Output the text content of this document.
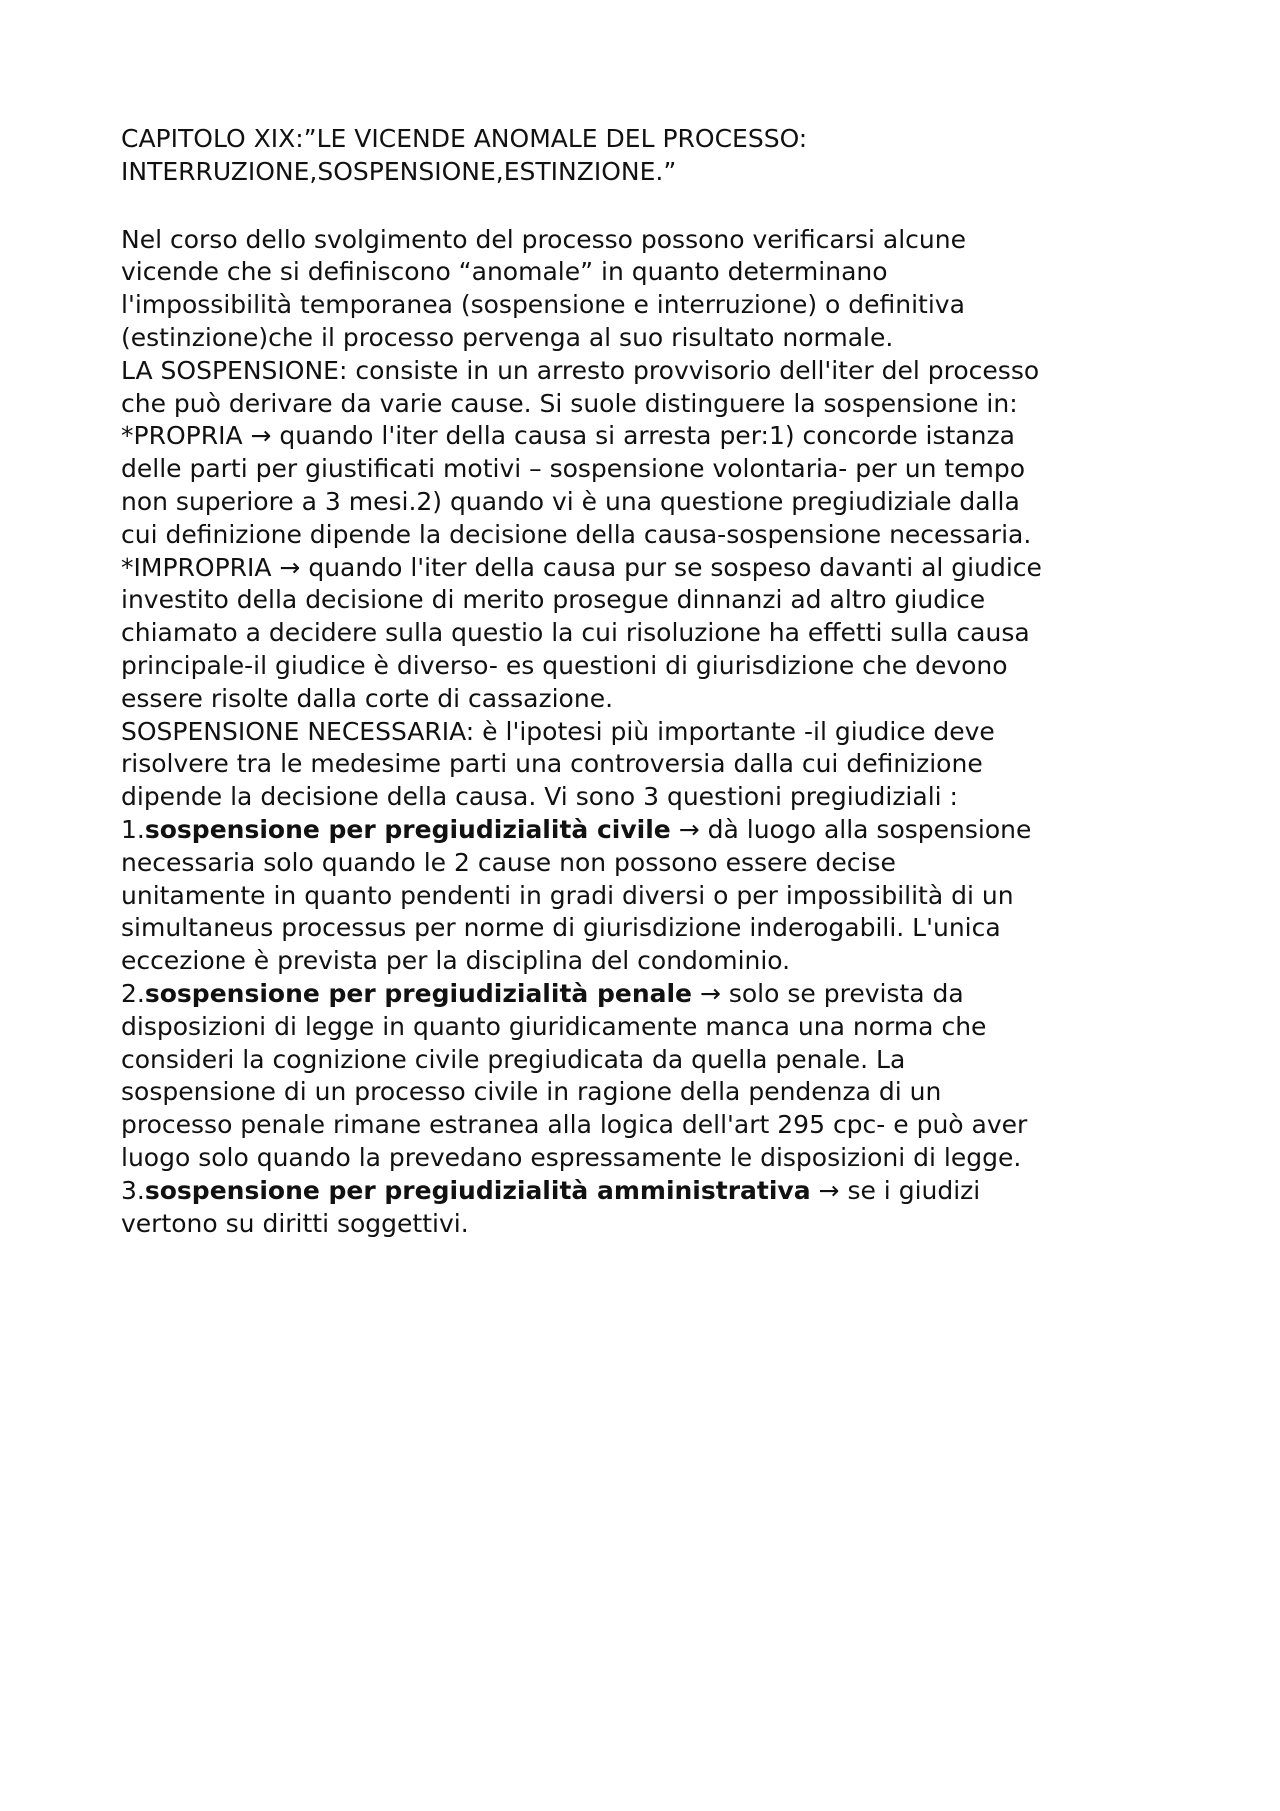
CAPITOLO XIX:”LE VICENDE ANOMALE DEL PROCESSO:
INTERRUZIONE,SOSPENSIONE,ESTINZIONE.”
Nel corso dello svolgimento del processo possono verificarsi alcune
vicende che si definiscono “anomale” in quanto determinano
l'impossibilità temporanea (sospensione e interruzione) o definitiva
(estinzione)che il processo pervenga al suo risultato normale.
LA SOSPENSIONE: consiste in un arresto provvisorio dell'iter del processo
che può derivare da varie cause. Si suole distinguere la sospensione in:
*PROPRIA → quando l'iter della causa si arresta per:1) concorde istanza
delle parti per giustificati motivi – sospensione volontaria- per un tempo
non superiore a 3 mesi.2) quando vi è una questione pregiudiziale dalla
cui definizione dipende la decisione della causa-sospensione necessaria.
*IMPROPRIA → quando l'iter della causa pur se sospeso davanti al giudice
investito della decisione di merito prosegue dinnanzi ad altro giudice
chiamato a decidere sulla questio la cui risoluzione ha effetti sulla causa
principale-il giudice è diverso- es questioni di giurisdizione che devono
essere risolte dalla corte di cassazione.
SOSPENSIONE NECESSARIA: è l'ipotesi più importante -il giudice deve
risolvere tra le medesime parti una controversia dalla cui definizione
dipende la decisione della causa. Vi sono 3 questioni pregiudiziali :
1.sospensione per pregiudizialità civile → dà luogo alla sospensione
necessaria solo quando le 2 cause non possono essere decise
unitamente in quanto pendenti in gradi diversi o per impossibilità di un
simultaneus processus per norme di giurisdizione inderogabili. L'unica
eccezione è prevista per la disciplina del condominio.
2.sospensione per pregiudizialità penale → solo se prevista da
disposizioni di legge in quanto giuridicamente manca una norma che
consideri la cognizione civile pregiudicata da quella penale. La
sospensione di un processo civile in ragione della pendenza di un
processo penale rimane estranea alla logica dell'art 295 cpc- e può aver
luogo solo quando la prevedano espressamente le disposizioni di legge.
3.sospensione per pregiudizialità amministrativa → se i giudizi
vertono su diritti soggettivi.
